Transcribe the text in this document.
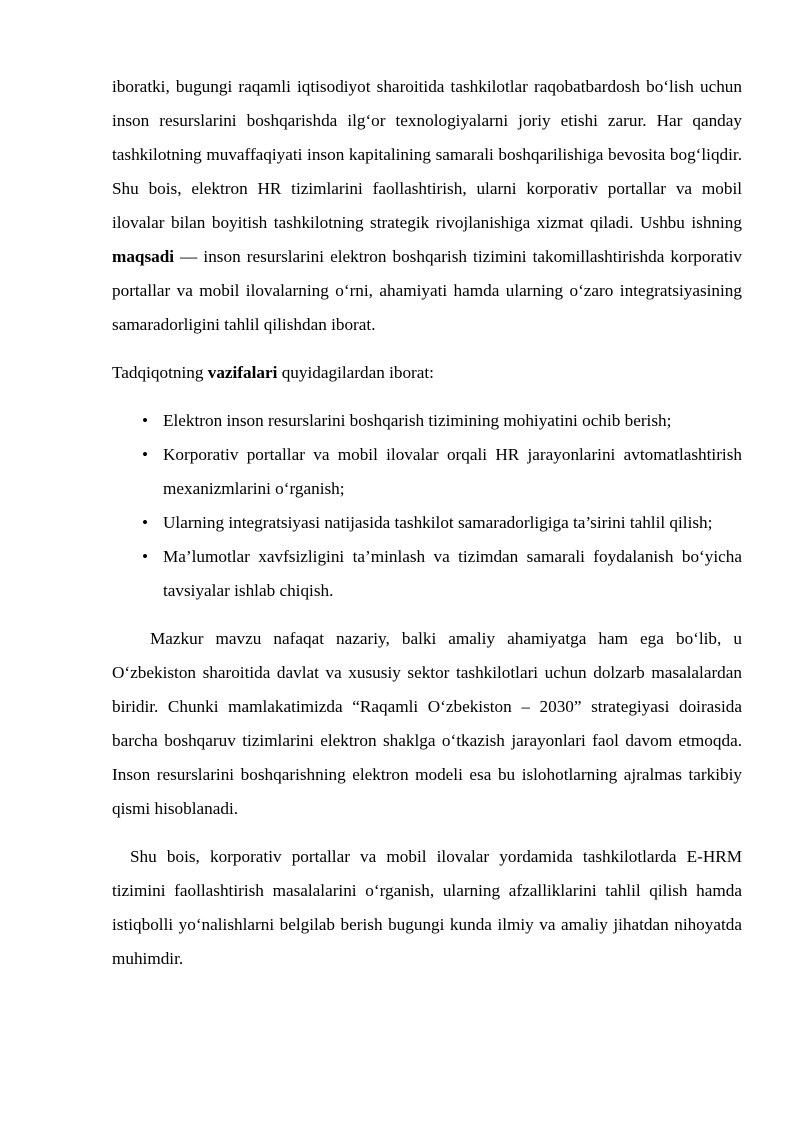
iboratki, bugungi raqamli iqtisodiyot sharoitida tashkilotlar raqobatbardosh boʻlish uchun inson resurslarini boshqarishda ilgʻor texnologiyalarni joriy etishi zarur. Har qanday tashkilotning muvaffaqiyati inson kapitalining samarali boshqarilishiga bevosita bogʻliqdir. Shu bois, elektron HR tizimlarini faollashtirish, ularni korporativ portallar va mobil ilovalar bilan boyitish tashkilotning strategik rivojlanishiga xizmat qiladi. Ushbu ishning maqsadi — inson resurslarini elektron boshqarish tizimini takomillashtirishda korporativ portallar va mobil ilovalarning oʻrni, ahamiyati hamda ularning oʻzaro integratsiyasining samaradorligini tahlil qilishdan iborat.

Tadqiqotning vazifalari quyidagilardan iborat:

• Elektron inson resurslarini boshqarish tizimining mohiyatini ochib berish;
• Korporativ portallar va mobil ilovalar orqali HR jarayonlarini avtomatlashtirish mexanizmlarini oʻrganish;
• Ularning integratsiyasi natijasida tashkilot samaradorligiga ta’sirini tahlil qilish;
• Ma’lumotlar xavfsizligini ta’minlash va tizimdan samarali foydalanish boʻyicha tavsiyalar ishlab chiqish.

Mazkur mavzu nafaqat nazariy, balki amaliy ahamiyatga ham ega boʻlib, u Oʻzbekiston sharoitida davlat va xususiy sektor tashkilotlari uchun dolzarb masalalardan biridir. Chunki mamlakatimizda “Raqamli Oʻzbekiston – 2030” strategiyasi doirasida barcha boshqaruv tizimlarini elektron shaklga oʻtkazish jarayonlari faol davom etmoqda. Inson resurslarini boshqarishning elektron modeli esa bu islohotlarning ajralmas tarkibiy qismi hisoblanadi.

Shu bois, korporativ portallar va mobil ilovalar yordamida tashkilotlarda E-HRM tizimini faollashtirish masalalarini oʻrganish, ularning afzalliklarini tahlil qilish hamda istiqbolli yoʻnalishlarni belgilab berish bugungi kunda ilmiy va amaliy jihatdan nihoyatda muhimdir.
